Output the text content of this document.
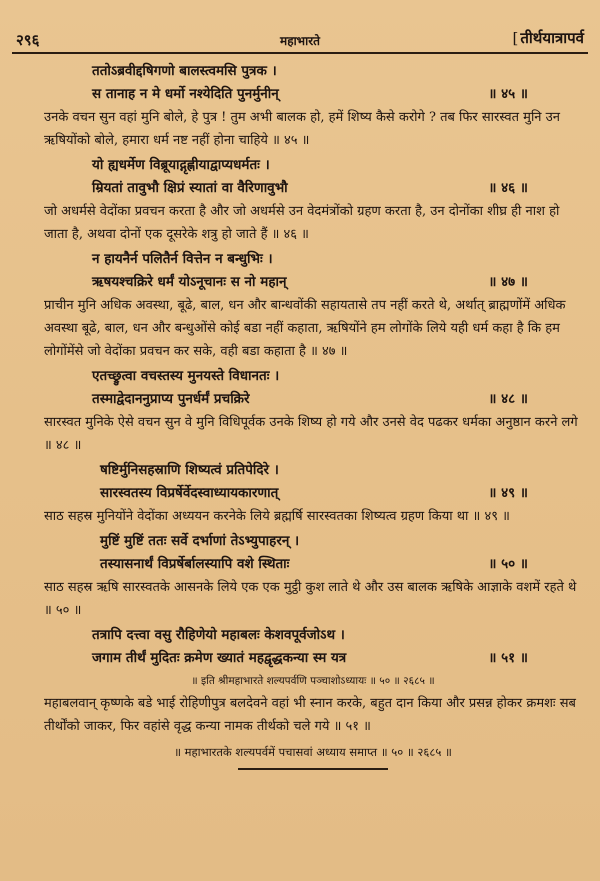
२९६	महाभारते	[ तीर्थयात्रापर्व
ततोऽब्रवीद्दषिगणो बालस्त्वमसि पुत्रक ।
स तानाह न मे धर्मो नश्येदिति पुनर्मुनीन्	॥ ४५ ॥
उनके वचन सुन वहां मुनि बोले, हे पुत्र ! तुम अभी बालक हो, हमें शिष्य कैसे करोगे ? तब फिर सारस्वत मुनि उन ऋषियोंको बोले, हमारा धर्म नष्ट नहीं होना चाहिये ॥ ४५ ॥
यो ह्यधर्मेण विब्रूयाद्गृह्णीयाद्वाप्यधर्मतः ।
म्रियतां तावुभौ क्षिप्रं स्यातां वा वैरिणावुभौ	॥ ४६ ॥
जो अधर्मसे वेदोंका प्रवचन करता है और जो अधर्मसे उन वेदमंत्रोंको ग्रहण करता है, उन दोनोंका शीघ्र ही नाश हो जाता है, अथवा दोनों एक दूसरेके शत्रु हो जाते हैं ॥ ४६ ॥
न हायनैर्न पलितैर्न वित्तेन न बन्धुभिः ।
ऋषयश्चक्रिरे धर्मं योऽनूचानः स नो महान्	॥ ४७ ॥
प्राचीन मुनि अधिक अवस्था, बूढे, बाल, धन और बान्धवोंकी सहायतासे तप नहीं करते थे, अर्थात् ब्राह्मणोंमें अधिक अवस्था बूढे, बाल, धन और बन्धुओंसे कोई बडा नहीं कहाता, ऋषियोंने हम लोगोंके लिये यही धर्म कहा है कि हम लोगोंमेंसे जो वेदोंका प्रवचन कर सके, वही बडा कहाता है ॥ ४७ ॥
एतच्छ्रुत्वा वचस्तस्य मुनयस्ते विधानतः ।
तस्माद्वेदाननुप्राप्य पुनर्धर्मं प्रचक्रिरे	॥ ४८ ॥
सारस्वत मुनिके ऐसे वचन सुन वे मुनि विधिपूर्वक उनके शिष्य हो गये और उनसे वेद पढकर धर्मका अनुष्ठान करने लगे ॥ ४८ ॥
षष्टिर्मुनिसहस्राणि शिष्यत्वं प्रतिपेदिरे ।
सारस्वतस्य विप्रर्षेर्वेदस्वाध्यायकारणात्	॥ ४९ ॥
साठ सहस्र मुनियोंने वेदोंका अध्ययन करनेके लिये ब्रह्मर्षि सारस्वतका शिष्यत्व ग्रहण किया था ॥ ४९ ॥
मुष्टिं मुष्टिं ततः सर्वे दर्भाणां तेऽभ्युपाहरन् ।
तस्यासनार्थं विप्रर्षेर्बालस्यापि वशे स्थिताः	॥ ५० ॥
साठ सहस्र ऋषि सारस्वतके आसनके लिये एक एक मुट्ठी कुश लाते थे और उस बालक ऋषिके आज्ञाके वशमें रहते थे ॥ ५० ॥
तत्रापि दत्त्वा वसु रौहिणेयो महाबलः केशवपूर्वजोऽथ ।
जगाम तीर्थं मुदितः क्रमेण ख्यातं महद्वृद्धकन्या स्म यत्र	॥ ५१ ॥
॥ इति श्रीमहाभारते शल्यपर्वणि पञ्चाशोऽध्यायः ॥ ५० ॥ २६८५ ॥
महाबलवान् कृष्णके बडे भाई रोहिणीपुत्र बलदेवने वहां भी स्नान करके, बहुत दान किया और प्रसन्न होकर क्रमशः सब तीर्थोंको जाकर, फिर वहांसे वृद्ध कन्या नामक तीर्थको चले गये ॥ ५१ ॥
॥ महाभारतके शल्यपर्वमें पचासवां अध्याय समाप्त ॥ ५० ॥ २६८५ ॥
